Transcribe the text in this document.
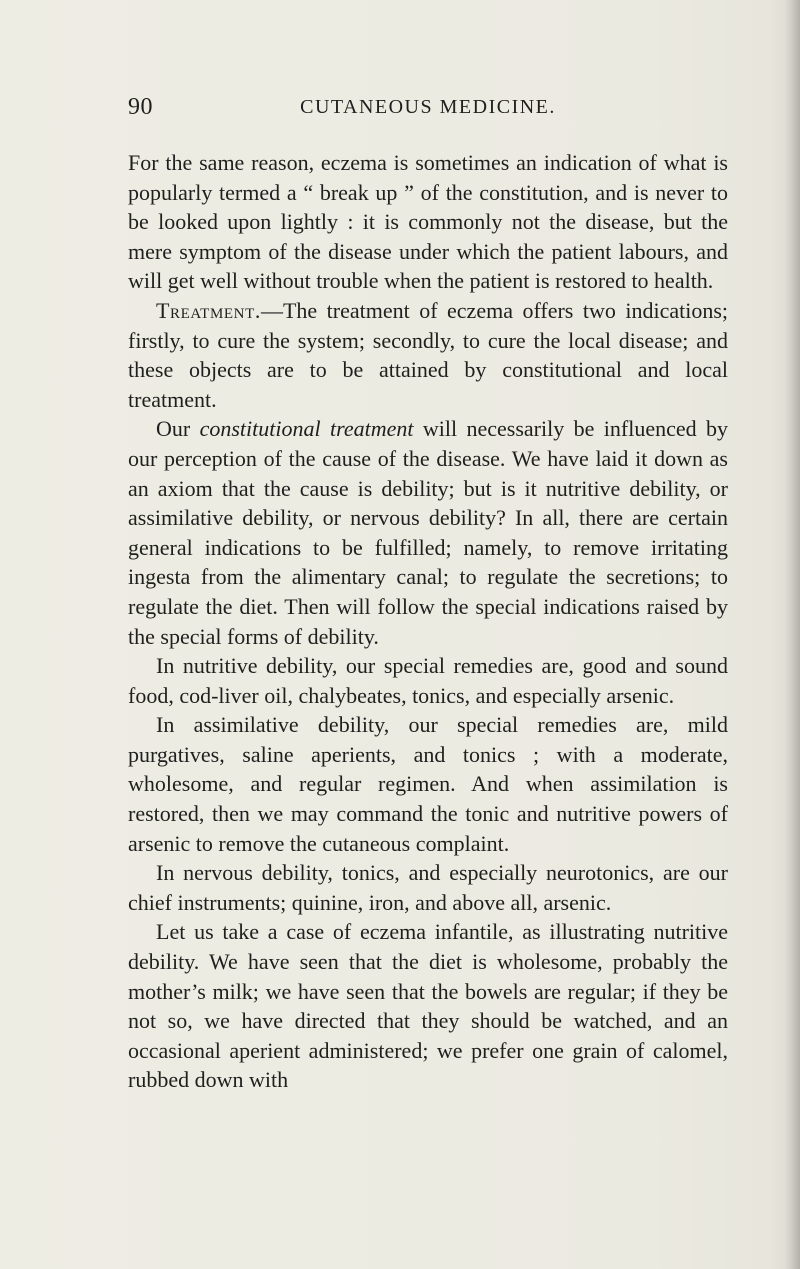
90	CUTANEOUS MEDICINE.

For the same reason, eczema is sometimes an indication of what is popularly termed a “ break up ” of the constitution, and is never to be looked upon lightly : it is commonly not the disease, but the mere symptom of the disease under which the patient labours, and will get well without trouble when the patient is restored to health.

Treatment.—The treatment of eczema offers two indications; firstly, to cure the system; secondly, to cure the local disease; and these objects are to be attained by constitutional and local treatment.

Our constitutional treatment will necessarily be influenced by our perception of the cause of the disease. We have laid it down as an axiom that the cause is debility; but is it nutritive debility, or assimilative debility, or nervous debility? In all, there are certain general indications to be fulfilled; namely, to remove irritating ingesta from the alimentary canal; to regulate the secretions; to regulate the diet. Then will follow the special indications raised by the special forms of debility.

In nutritive debility, our special remedies are, good and sound food, cod-liver oil, chalybeates, tonics, and especially arsenic.

In assimilative debility, our special remedies are, mild purgatives, saline aperients, and tonics ; with a moderate, wholesome, and regular regimen. And when assimilation is restored, then we may command the tonic and nutritive powers of arsenic to remove the cutaneous complaint.

In nervous debility, tonics, and especially neurotonics, are our chief instruments; quinine, iron, and above all, arsenic.

Let us take a case of eczema infantile, as illustrating nutritive debility. We have seen that the diet is wholesome, probably the mother’s milk; we have seen that the bowels are regular; if they be not so, we have directed that they should be watched, and an occasional aperient administered; we prefer one grain of calomel, rubbed down with
